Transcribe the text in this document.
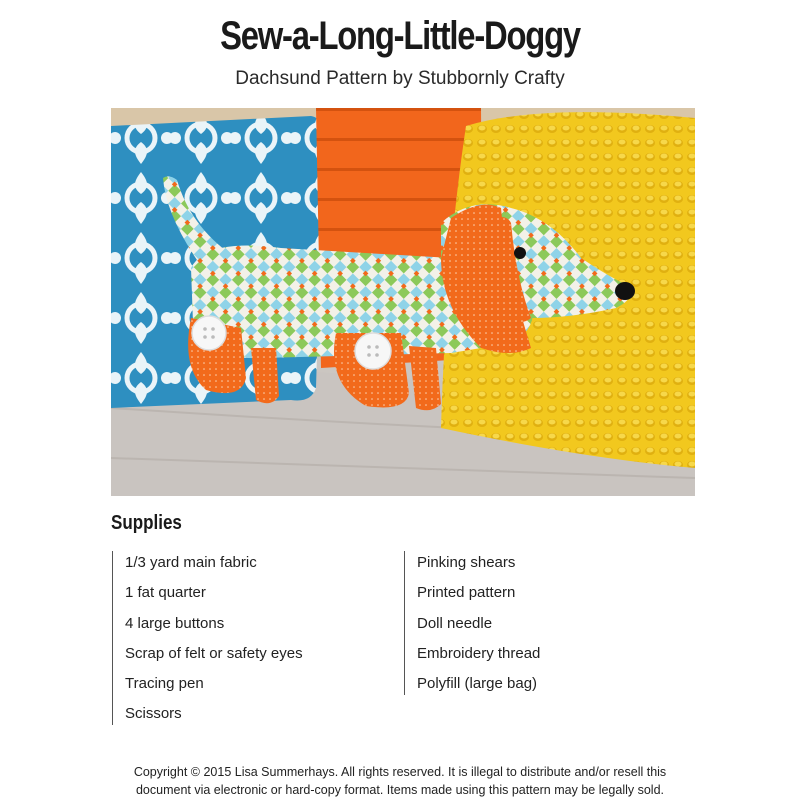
Sew-a-Long-Little-Doggy
Dachsund Pattern by Stubbornly Crafty
Supplies
1/3 yard main fabric
1 fat quarter
4 large buttons
Scrap of felt or safety eyes
Tracing pen
Scissors
Pinking shears
Printed pattern
Doll needle
Embroidery thread
Polyfill (large bag)
Copyright © 2015 Lisa Summerhays. All rights reserved. It is illegal to distribute and/or resell this
document via electronic or hard-copy format. Items made using this pattern may be legally sold.
